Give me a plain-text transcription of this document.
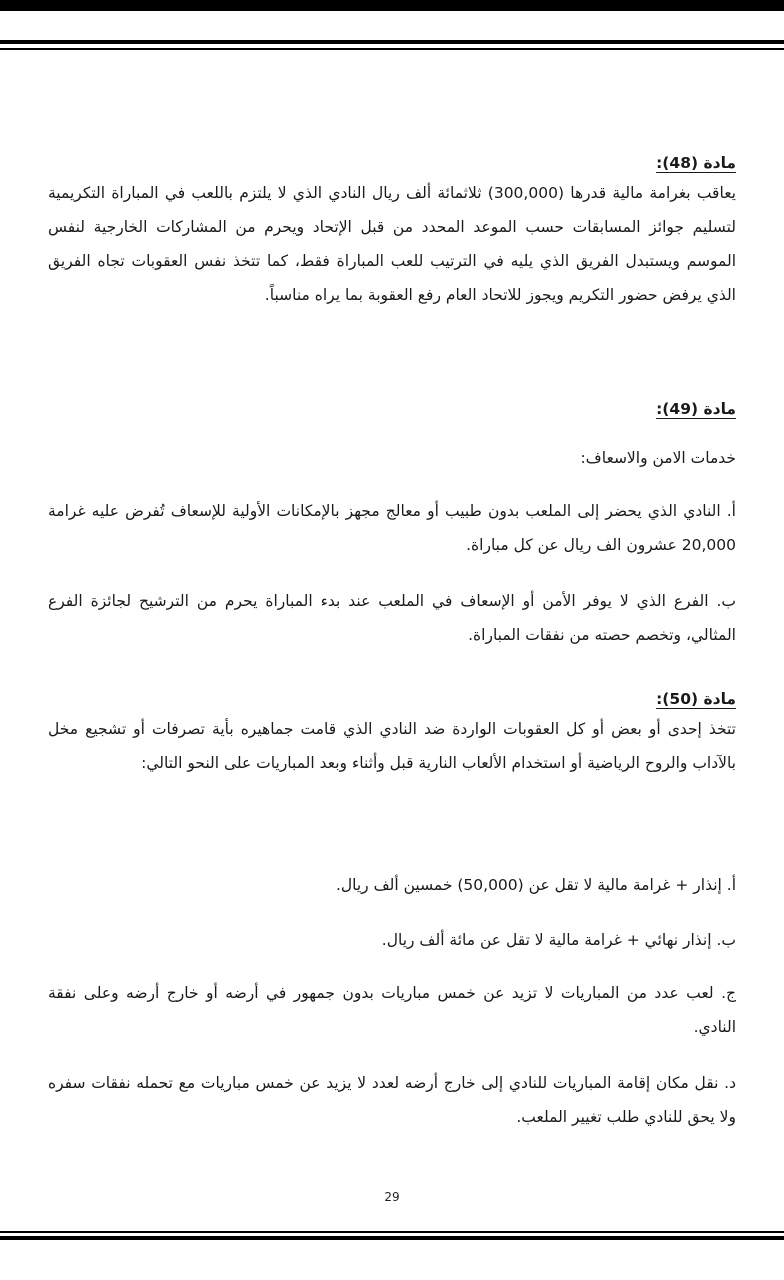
مادة (48):
يعاقب بغرامة مالية قدرها (300,000) ثلاثمائة ألف ريال النادي الذي لا يلتزم باللعب في المباراة التكريمية لتسليم جوائز المسابقات حسب الموعد المحدد من قبل الإتحاد ويحرم من المشاركات الخارجية لنفس الموسم ويستبدل الفريق الذي يليه في الترتيب للعب المباراة فقط، كما تتخذ نفس العقوبات تجاه الفريق الذي يرفض حضور التكريم ويجوز للاتحاد العام رفع العقوبة بما يراه مناسباً.
مادة (49):
خدمات الامن والاسعاف:
أ. النادي الذي يحضر إلى الملعب بدون طبيب أو معالج مجهز بالإمكانات الأولية للإسعاف تُفرض عليه غرامة 20,000 عشرون الف ريال عن كل مباراة.
ب. الفرع الذي لا يوفر الأمن أو الإسعاف في الملعب عند بدء المباراة يحرم من الترشيح لجائزة الفرع المثالي، وتخصم حصته من نفقات المباراة.
مادة (50):
تتخذ إحدى أو بعض أو كل العقوبات الواردة ضد النادي الذي قامت جماهيره بأية تصرفات أو تشجيع مخل بالآداب والروح الرياضية أو استخدام الألعاب النارية قبل وأثناء وبعد المباريات على النحو التالي:
أ. إنذار + غرامة مالية لا تقل عن (50,000) خمسين ألف ريال.
ب. إنذار نهائي + غرامة مالية لا تقل عن مائة ألف ريال.
ج. لعب عدد من المباريات لا تزيد عن خمس مباريات بدون جمهور في أرضه أو خارج أرضه وعلى نفقة النادي.
د. نقل مكان إقامة المباريات للنادي إلى خارج أرضه لعدد لا يزيد عن خمس مباريات مع تحمله نفقات سفره ولا يحق للنادي طلب تغيير الملعب.
29
